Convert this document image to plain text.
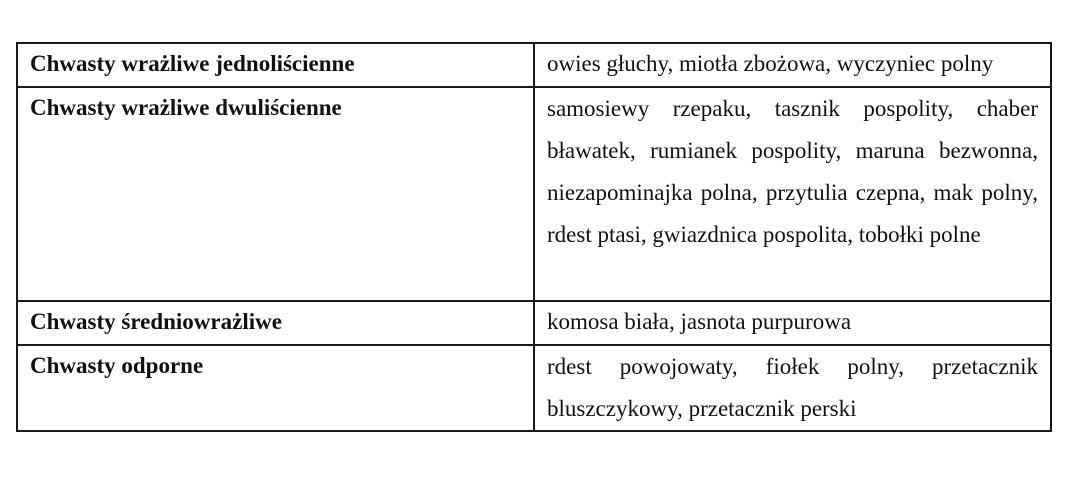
Chwasty wrażliwe jednoliścienne	owies głuchy, miotła zbożowa, wyczyniec polny
Chwasty wrażliwe dwuliścienne	samosiewy rzepaku, tasznik pospolity, chaber bławatek, rumianek pospolity, maruna bezwonna, niezapominajka polna, przytulia czepna, mak polny, rdest ptasi, gwiazdnica pospolita, tobołki polne
Chwasty średniowrażliwe	komosa biała, jasnota purpurowa
Chwasty odporne	rdest powojowaty, fiołek polny, przetacznik bluszczykowy, przetacznik perski
